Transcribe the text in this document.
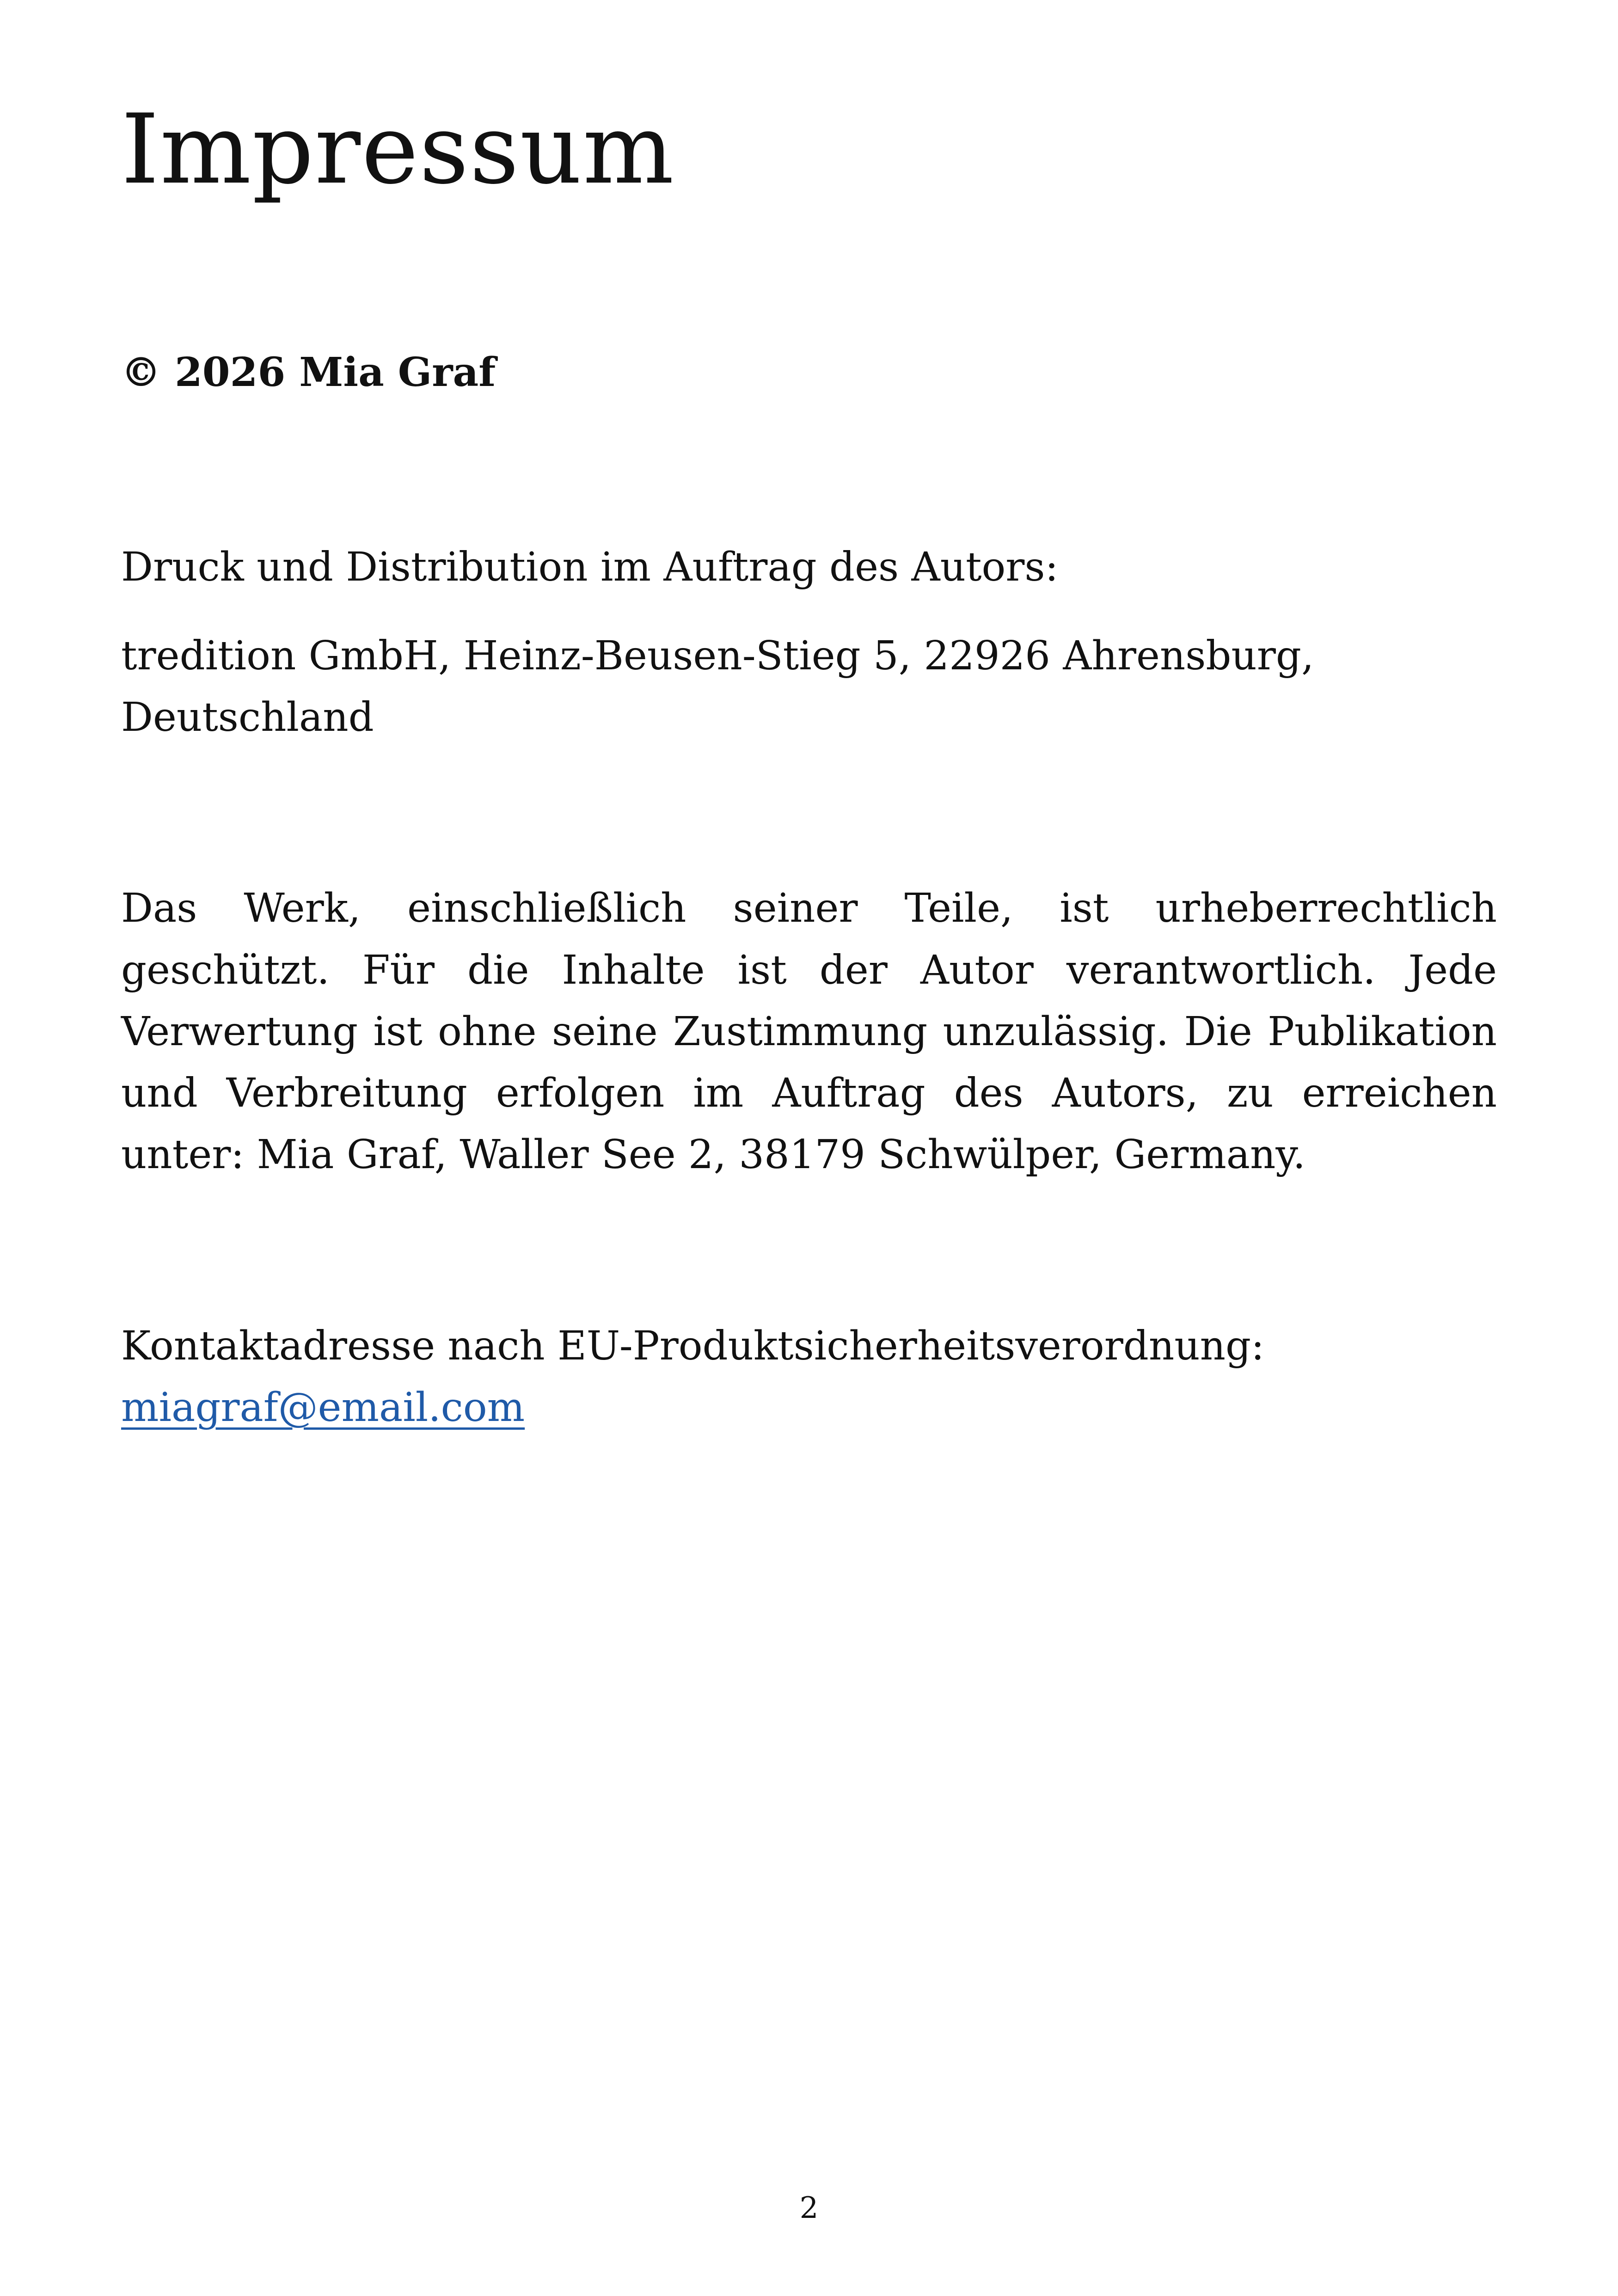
Impressum
© 2026 Mia Graf

Druck und Distribution im Auftrag des Autors:

tredition GmbH, Heinz-Beusen-Stieg 5, 22926 Ahrensburg, Deutschland

Das Werk, einschließlich seiner Teile, ist urheberrechtlich geschützt. Für die Inhalte ist der Autor verantwortlich. Jede Verwertung ist ohne seine Zustimmung unzulässig. Die Publikation und Verbreitung erfolgen im Auftrag des Autors, zu erreichen unter: Mia Graf, Waller See 2, 38179 Schwülper, Germany.

Kontaktadresse nach EU-Produktsicherheitsverordnung:

miagraf@email.com

2
